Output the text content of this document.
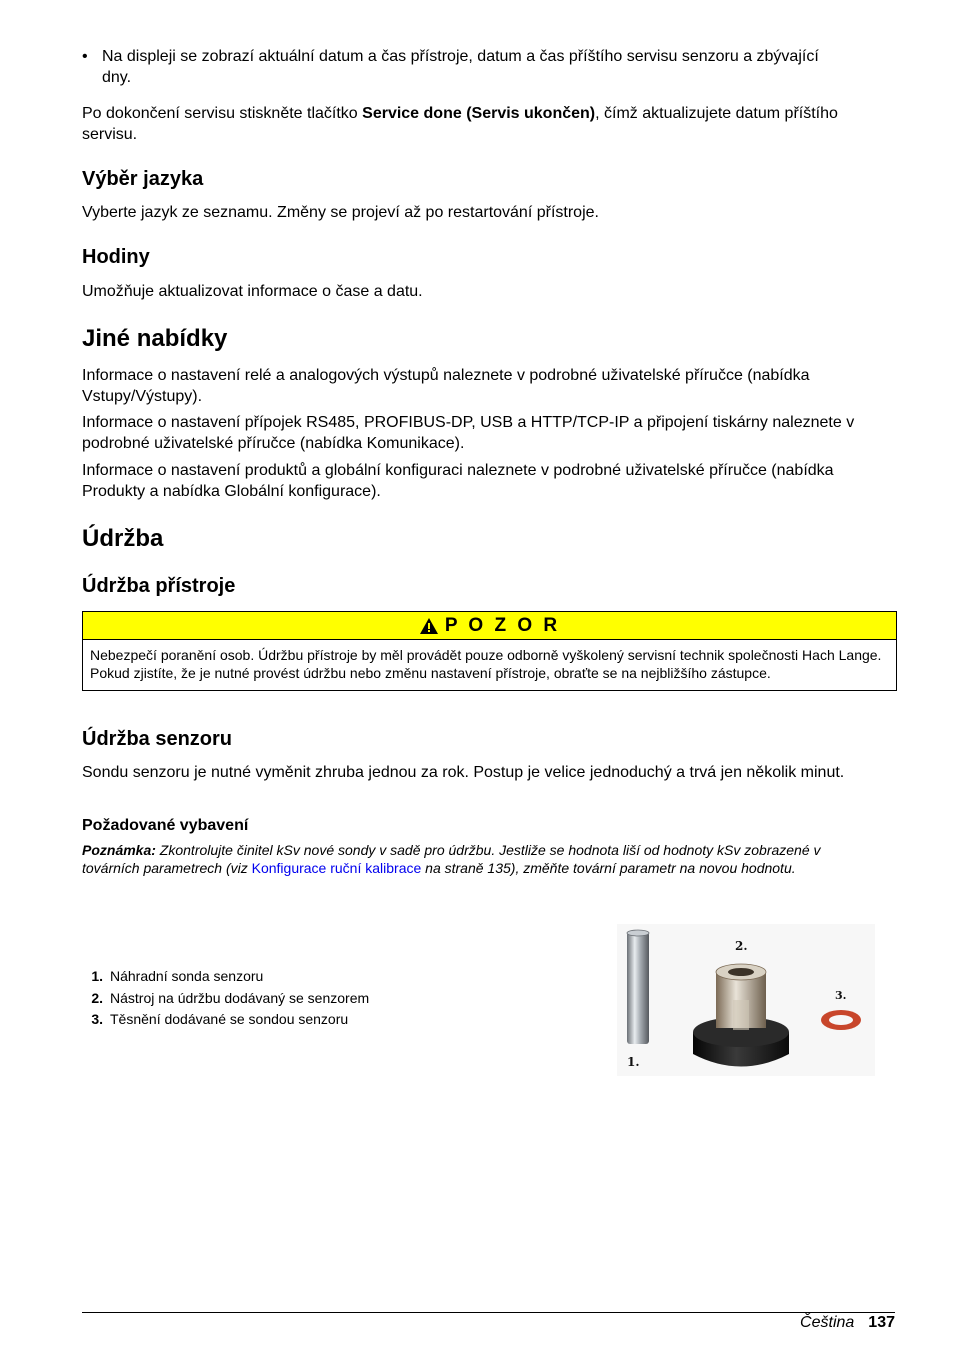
• Na displeji se zobrazí aktuální datum a čas přístroje, datum a čas příštího servisu senzoru a zbývající dny.

Po dokončení servisu stiskněte tlačítko Service done (Servis ukončen), čímž aktualizujete datum příštího servisu.

Výběr jazyka

Vyberte jazyk ze seznamu. Změny se projeví až po restartování přístroje.

Hodiny

Umožňuje aktualizovat informace o čase a datu.

Jiné nabídky

Informace o nastavení relé a analogových výstupů naleznete v podrobné uživatelské příručce (nabídka Vstupy/Výstupy).

Informace o nastavení přípojek RS485, PROFIBUS-DP, USB a HTTP/TCP-IP a připojení tiskárny naleznete v podrobné uživatelské příručce (nabídka Komunikace).

Informace o nastavení produktů a globální konfiguraci naleznete v podrobné uživatelské příručce (nabídka Produkty a nabídka Globální konfigurace).

Údržba
Údržba přístroje
P O Z O R
Nebezpečí poranění osob. Údržbu přístroje by měl provádět pouze odborně vyškolený servisní technik společnosti Hach Lange. Pokud zjistíte, že je nutné provést údržbu nebo změnu nastavení přístroje, obraťte se na nejbližšího zástupce.
Údržba senzoru

Sondu senzoru je nutné vyměnit zhruba jednou za rok. Postup je velice jednoduchý a trvá jen několik minut.

Požadované vybavení
Poznámka: Zkontrolujte činitel kSv nové sondy v sadě pro údržbu. Jestliže se hodnota liší od hodnoty kSv zobrazené v továrních parametrech (viz Konfigurace ruční kalibrace na straně 135), změňte tovární parametr na novou hodnotu.
1. Náhradní sonda senzoru
2. Nástroj na údržbu dodávaný se senzorem
3. Těsnění dodávané se sondou senzoru
1.
2.
3.
Čeština 137
